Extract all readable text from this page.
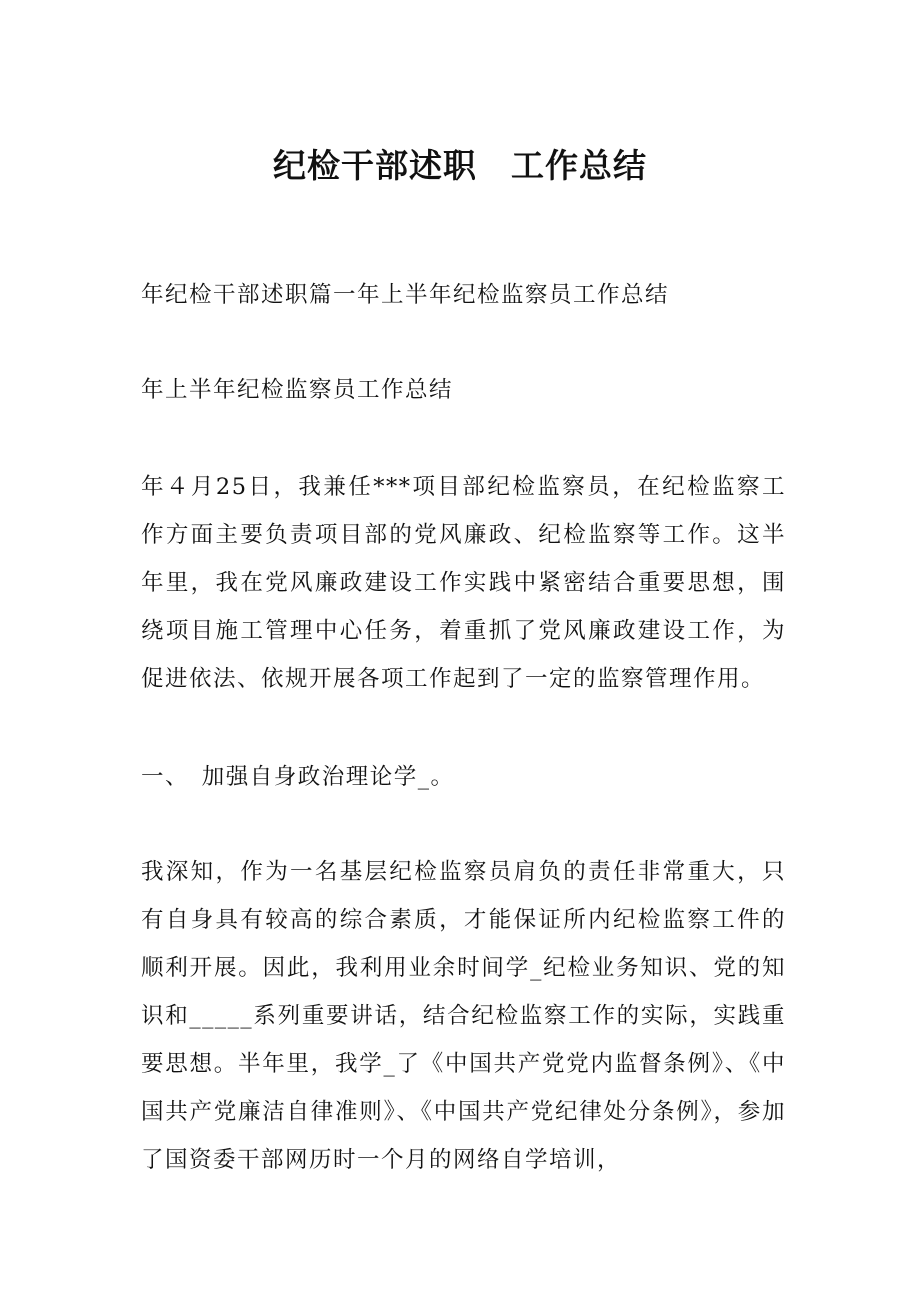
纪检干部述职　工作总结

年纪检干部述职篇一年上半年纪检监察员工作总结

年上半年纪检监察员工作总结

年４月25日，我兼任***项目部纪检监察员，在纪检监察工作方面主要负责项目部的党风廉政、纪检监察等工作。这半年里，我在党风廉政建设工作实践中紧密结合重要思想，围绕项目施工管理中心任务，着重抓了党风廉政建设工作，为促进依法、依规开展各项工作起到了一定的监察管理作用。

一、　加强自身政治理论学_。

我深知，作为一名基层纪检监察员肩负的责任非常重大，只有自身具有较高的综合素质，才能保证所内纪检监察工件的顺利开展。因此，我利用业余时间学_纪检业务知识、党的知识和_____系列重要讲话，结合纪检监察工作的实际，实践重要思想。半年里，我学_了《中国共产党党内监督条例》、《中国共产党廉洁自律准则》、《中国共产党纪律处分条例》，参加了国资委干部网历时一个月的网络自学培训，
